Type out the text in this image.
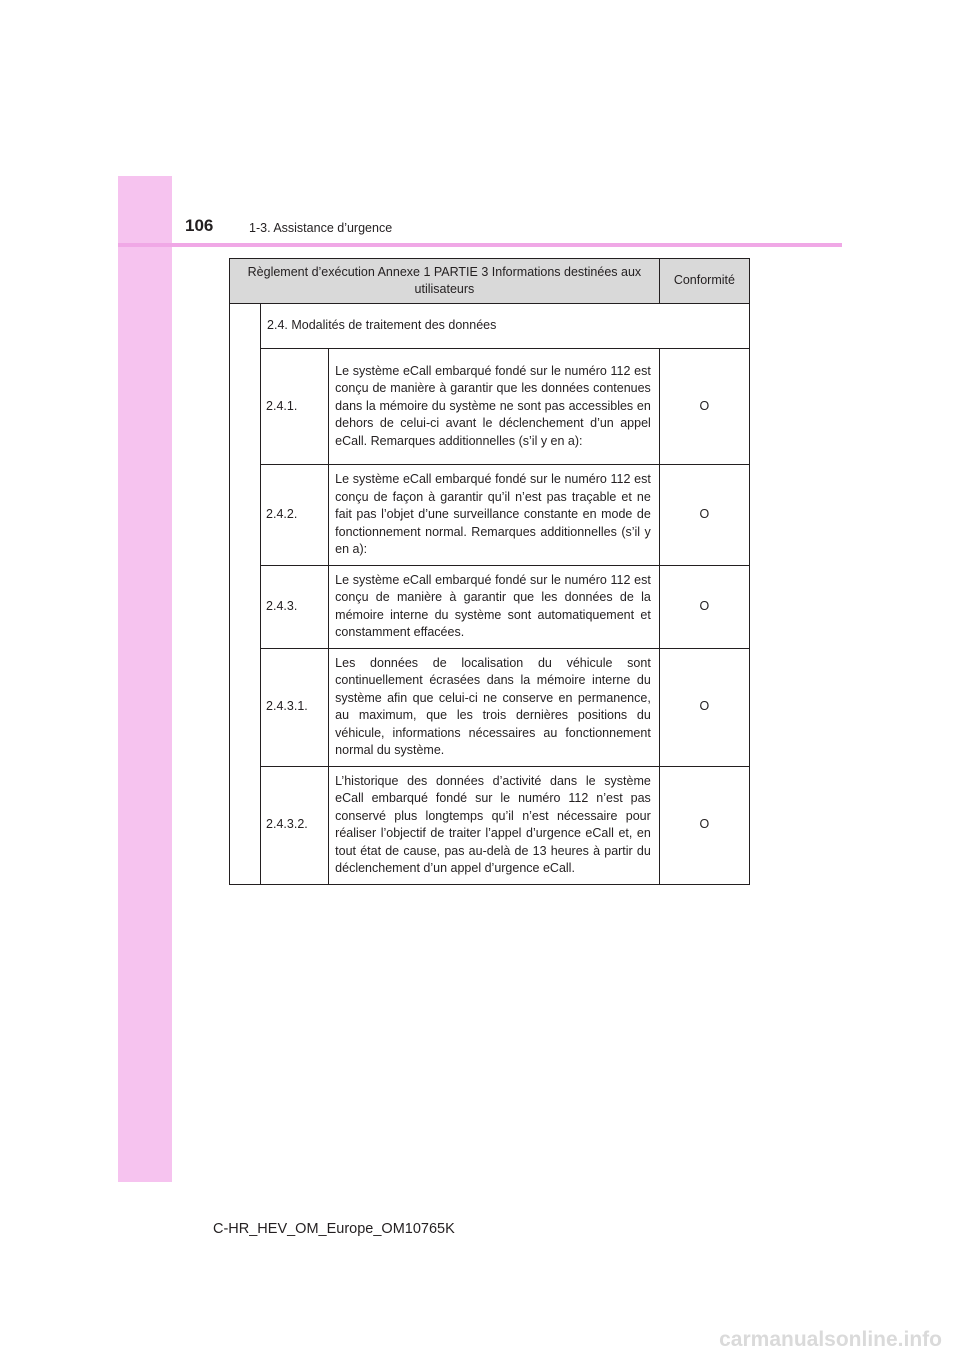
106	1-3. Assistance d’urgence
Règlement d’exécution Annexe 1 PARTIE 3 Informations destinées aux utilisateurs			Conformité
	2.4. Modalités de traitement des données		
	2.4.1.	Le système eCall embarqué fondé sur le numéro 112 est conçu de manière à garantir que les données contenues dans la mémoire du système ne sont pas accessibles en dehors de celui-ci avant le déclenchement d’un appel eCall. Remarques additionnelles (s’il y en a):	O
	2.4.2.	Le système eCall embarqué fondé sur le numéro 112 est conçu de façon à garantir qu’il n’est pas traçable et ne fait pas l’objet d’une surveillance constante en mode de fonctionnement normal. Remarques additionnelles (s’il y en a):	O
	2.4.3.	Le système eCall embarqué fondé sur le numéro 112 est conçu de manière à garantir que les données de la mémoire interne du système sont automatiquement et constamment effacées.	O
	2.4.3.1.	Les données de localisation du véhicule sont continuellement écrasées dans la mémoire interne du système afin que celui-ci ne conserve en permanence, au maximum, que les trois dernières positions du véhicule, informations nécessaires au fonctionnement normal du système.	O
	2.4.3.2.	L’historique des données d’activité dans le système eCall embarqué fondé sur le numéro 112 n’est pas conservé plus longtemps qu’il n’est nécessaire pour réaliser l’objectif de traiter l’appel d’urgence eCall et, en tout état de cause, pas au-delà de 13 heures à partir du déclenchement d’un appel d’urgence eCall.	O
C-HR_HEV_OM_Europe_OM10765K
carmanualsonline.info
